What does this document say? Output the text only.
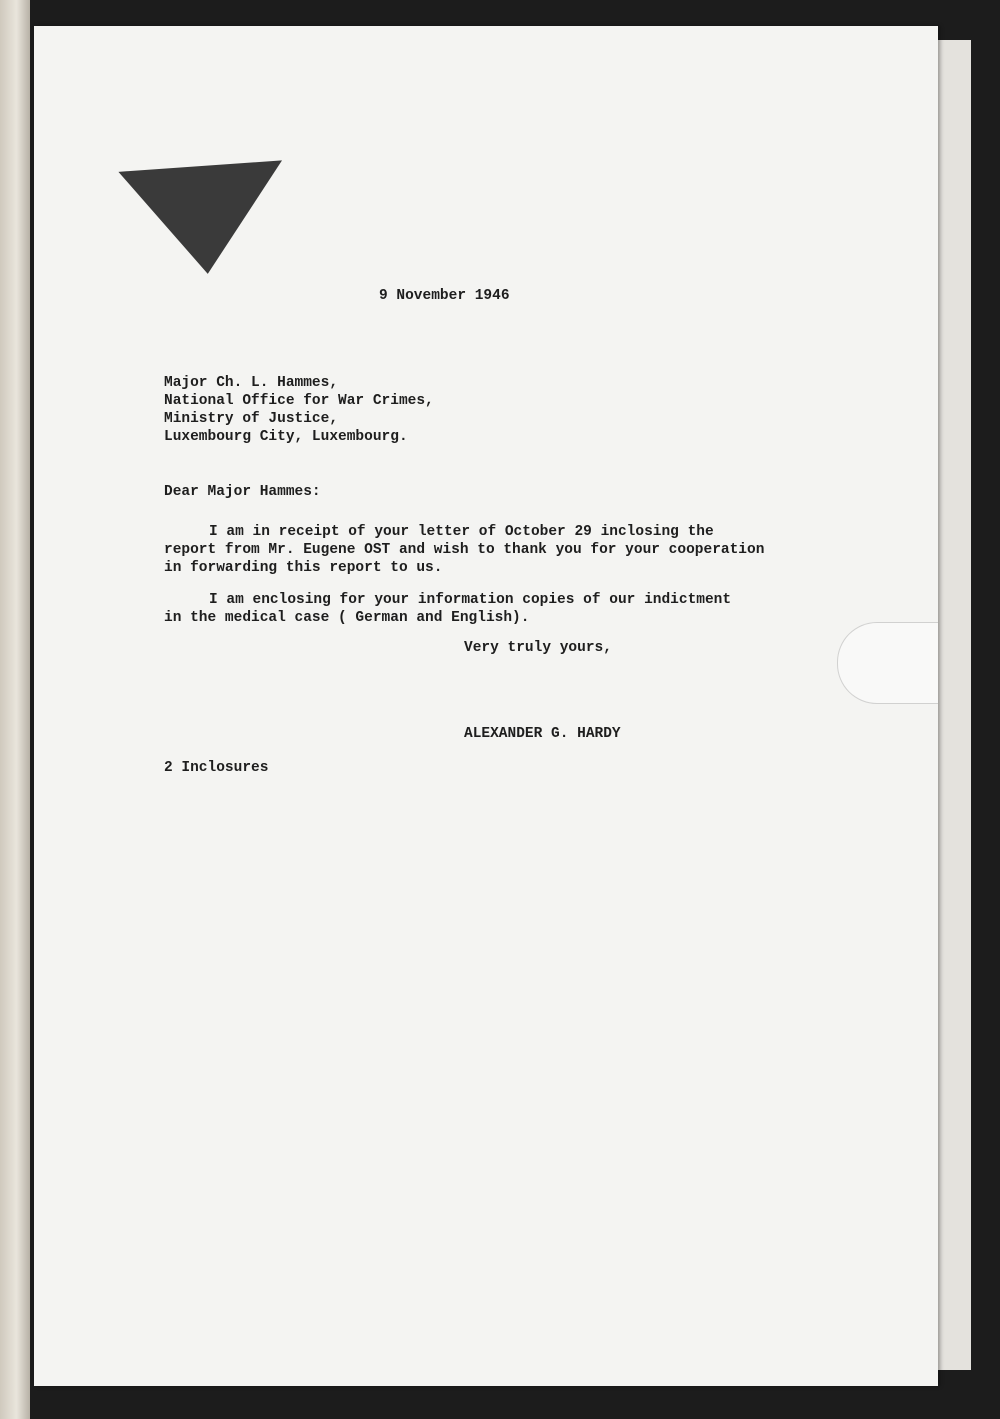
9 November 1946
Major Ch. L. Hammes,
National Office for War Crimes,
Ministry of Justice,
Luxembourg City, Luxembourg.
Dear Major Hammes:
I am in receipt of your letter of October 29 inclosing the
report from Mr. Eugene OST and wish to thank you for your cooperation
in forwarding this report to us.
I am enclosing for your information copies of our indictment
in the medical case ( German and English).
Very truly yours,
ALEXANDER G. HARDY
2 Inclosures
